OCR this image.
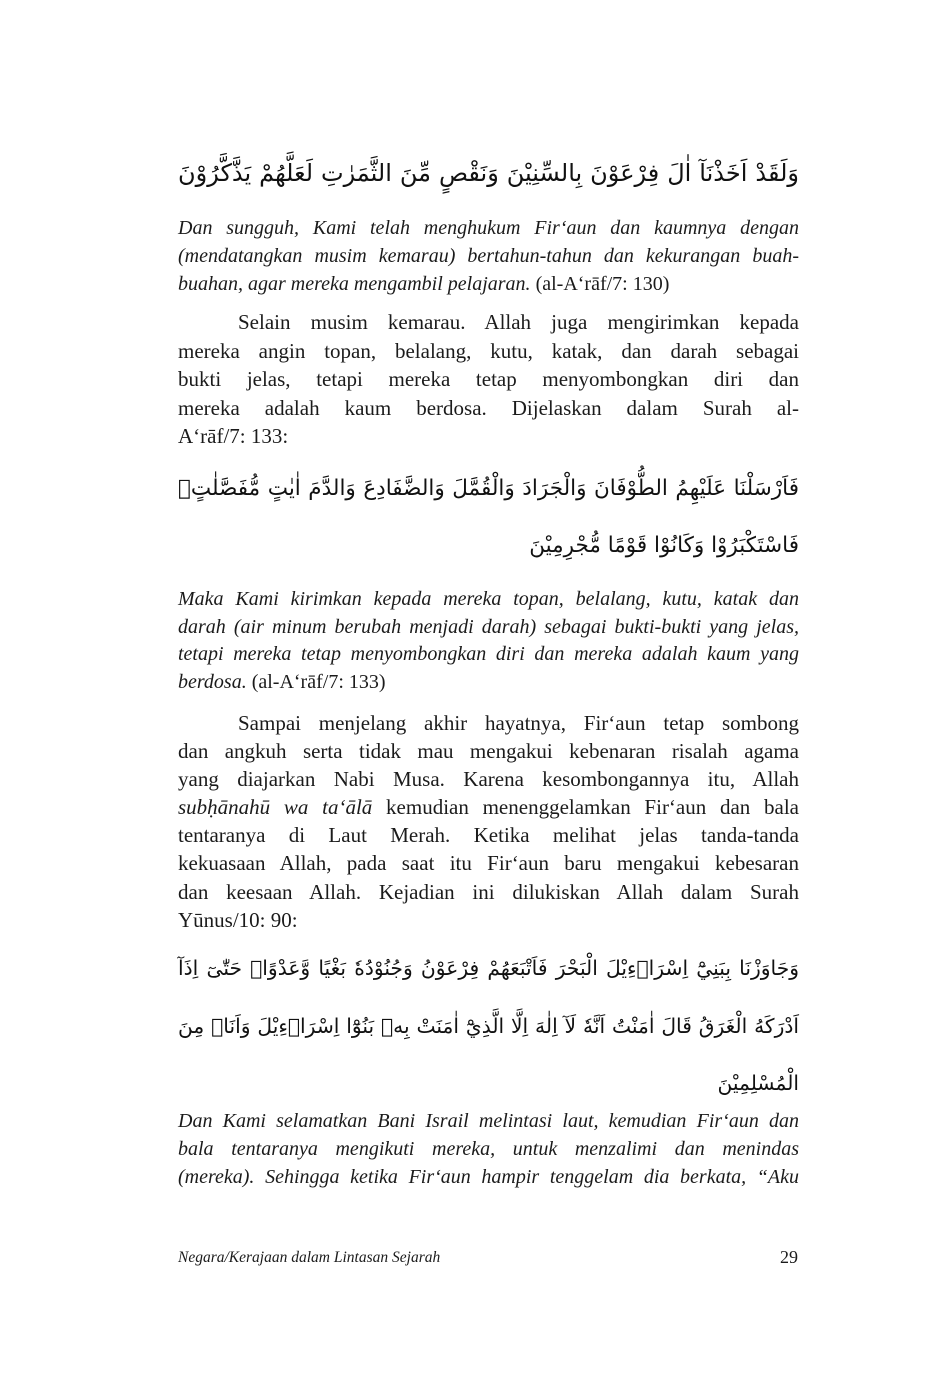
وَلَقَدْ اَخَذْنَآ اٰلَ فِرْعَوْنَ بِالسِّنِيْنَ وَنَقْصٍ مِّنَ الثَّمَرٰتِ لَعَلَّهُمْ يَذَّكَّرُوْنَ
Dan sungguh, Kami telah menghukum Fir‘aun dan kaumnya dengan
(mendatangkan musim kemarau) bertahun-tahun dan kekurangan buah-
buahan, agar mereka mengambil pelajaran. (al-A‘rāf/7: 130)
Selain musim kemarau. Allah juga mengirimkan kepada
mereka angin topan, belalang, kutu, katak, dan darah sebagai
bukti jelas, tetapi mereka tetap menyombongkan diri dan
mereka adalah kaum berdosa. Dijelaskan dalam Surah al-
A‘rāf/7: 133:
فَاَرْسَلْنَا عَلَيْهِمُ الطُّوْفَانَ وَالْجَرَادَ وَالْقُمَّلَ وَالضَّفَادِعَ وَالدَّمَ اٰيٰتٍ مُّفَصَّلٰتٍۗ
فَاسْتَكْبَرُوْا وَكَانُوْا قَوْمًا مُّجْرِمِيْنَ
Maka Kami kirimkan kepada mereka topan, belalang, kutu, katak dan
darah (air minum berubah menjadi darah) sebagai bukti-bukti yang jelas,
tetapi mereka tetap menyombongkan diri dan mereka adalah kaum yang
berdosa. (al-A‘rāf/7: 133)
Sampai menjelang akhir hayatnya, Fir‘aun tetap sombong
dan angkuh serta tidak mau mengakui kebenaran risalah agama
yang diajarkan Nabi Musa. Karena kesombongannya itu, Allah
subḥānahū wa ta‘ālā kemudian menenggelamkan Fir‘aun dan bala
tentaranya di Laut Merah. Ketika melihat jelas tanda-tanda
kekuasaan Allah, pada saat itu Fir‘aun baru mengakui kebesaran
dan keesaan Allah. Kejadian ini dilukiskan Allah dalam Surah
Yūnus/10: 90:
وَجَاوَزْنَا بِبَنِيْٓ اِسْرَاۤءِيْلَ الْبَحْرَ فَاَتْبَعَهُمْ فِرْعَوْنُ وَجُنُوْدُهٗ بَغْيًا وَّعَدْوًاۗ حَتّٰىٓ اِذَآ
اَدْرَكَهُ الْغَرَقُ قَالَ اٰمَنْتُ اَنَّهٗ لَآ اِلٰهَ اِلَّا الَّذِيْٓ اٰمَنَتْ بِهٖ بَنُوْٓا اِسْرَاۤءِيْلَ وَاَنَا۠ مِنَ
الْمُسْلِمِيْنَ
Dan Kami selamatkan Bani Israil melintasi laut, kemudian Fir‘aun dan
bala tentaranya mengikuti mereka, untuk menzalimi dan menindas
(mereka). Sehingga ketika Fir‘aun hampir tenggelam dia berkata, “Aku
Negara/Kerajaan dalam Lintasan Sejarah	29
